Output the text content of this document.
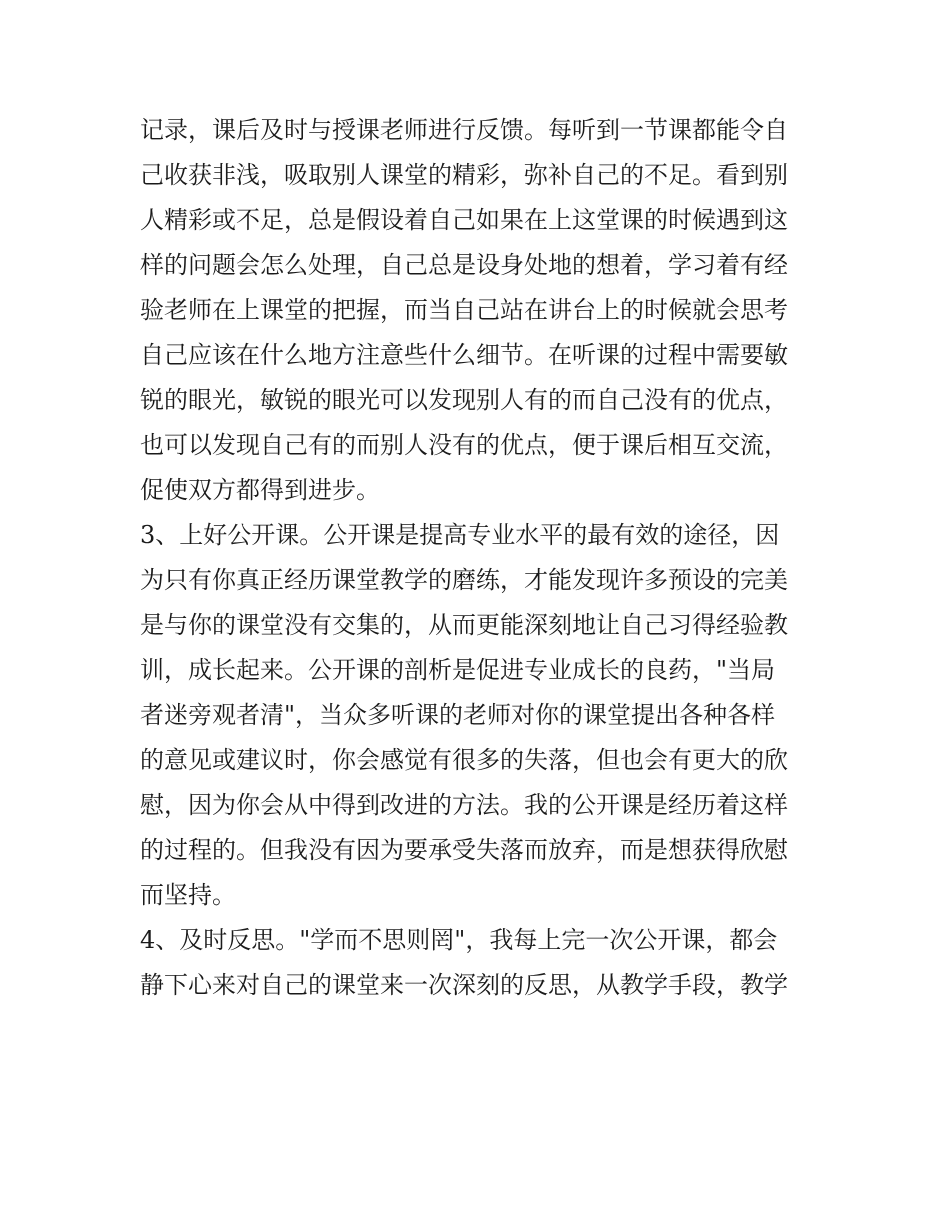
记录，课后及时与授课老师进行反馈。每听到一节课都能令自
己收获非浅，吸取别人课堂的精彩，弥补自己的不足。看到别
人精彩或不足，总是假设着自己如果在上这堂课的时候遇到这
样的问题会怎么处理，自己总是设身处地的想着，学习着有经
验老师在上课堂的把握，而当自己站在讲台上的时候就会思考
自己应该在什么地方注意些什么细节。在听课的过程中需要敏
锐的眼光，敏锐的眼光可以发现别人有的而自己没有的优点，
也可以发现自己有的而别人没有的优点，便于课后相互交流，
促使双方都得到进步。
3、上好公开课。公开课是提高专业水平的最有效的途径，因
为只有你真正经历课堂教学的磨练，才能发现许多预设的完美
是与你的课堂没有交集的，从而更能深刻地让自己习得经验教
训，成长起来。公开课的剖析是促进专业成长的良药，"当局
者迷旁观者清"，当众多听课的老师对你的课堂提出各种各样
的意见或建议时，你会感觉有很多的失落，但也会有更大的欣
慰，因为你会从中得到改进的方法。我的公开课是经历着这样
的过程的。但我没有因为要承受失落而放弃，而是想获得欣慰
而坚持。
4、及时反思。"学而不思则罔"，我每上完一次公开课，都会
静下心来对自己的课堂来一次深刻的反思，从教学手段，教学
